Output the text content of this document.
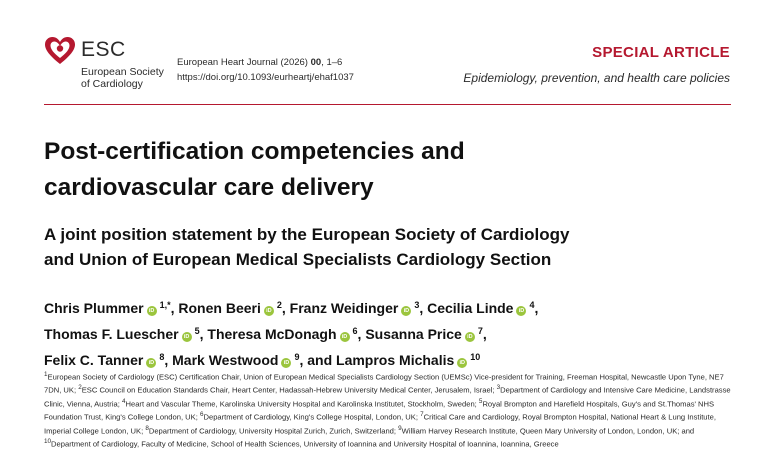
ESC
European Society
of Cardiology
European Heart Journal (2026) 00, 1–6
https://doi.org/10.1093/eurheartj/ehaf1037
SPECIAL ARTICLE
Epidemiology, prevention, and health care policies
Post-certification competencies and
cardiovascular care delivery
A joint position statement by the European Society of Cardiology
and Union of European Medical Specialists Cardiology Section
Chris Plummer iD$^{1,*}$, Ronen Beeri iD$^2$, Franz Weidinger iD$^3$, Cecilia Linde iD$^4$,
Thomas F. Luescher iD$^5$, Theresa McDonagh iD$^6$, Susanna Price iD$^7$,
Felix C. Tanner iD$^8$, Mark Westwood iD$^9$, and Lampros Michalis iD$^{10}$

$^1$European Society of Cardiology (ESC) Certification Chair, Union of European Medical Specialists Cardiology Section (UEMSc) Vice-president for Training, Freeman Hospital, Newcastle Upon Tyne, NE7 7DN, UK; $^2$ESC Council on Education Standards Chair, Heart Center, Hadassah-Hebrew University Medical Center, Jerusalem, Israel; $^3$Department of Cardiology and Intensive Care Medicine, Landstrasse Clinic, Vienna, Austria; $^4$Heart and Vascular Theme, Karolinska University Hospital and Karolinska Institutet, Stockholm, Sweden; $^5$Royal Brompton and Harefield Hospitals, Guy's and St.Thomas' NHS Foundation Trust, King's College London, UK; $^6$Department of Cardiology, King's College Hospital, London, UK; $^7$Critical Care and Cardiology, Royal Brompton Hospital, National Heart & Lung Institute, Imperial College London, UK; $^8$Department of Cardiology, University Hospital Zurich, Zurich, Switzerland; $^9$William Harvey Research Institute, Queen Mary University of London, London, UK; and $^{10}$Department of Cardiology, Faculty of Medicine, School of Health Sciences, University of Ioannina and University Hospital of Ioannina, Ioannina, Greece
